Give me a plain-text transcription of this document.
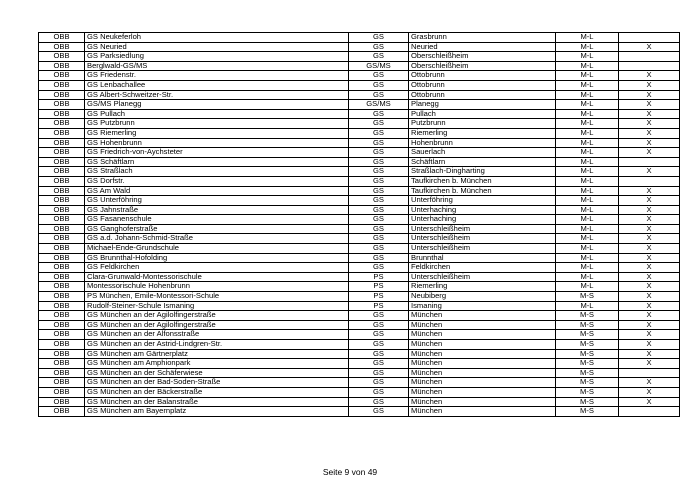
OBB	GS Neukeferloh	GS	Grasbrunn	M-L	
OBB	GS Neuried	GS	Neuried	M-L	X
OBB	GS Parksiedlung	GS	Oberschleißheim	M-L	
OBB	Berglwald-GS/MS	GS/MS	Oberschleißheim	M-L	
OBB	GS Friedenstr.	GS	Ottobrunn	M-L	X
OBB	GS Lenbachallee	GS	Ottobrunn	M-L	X
OBB	GS Albert-Schweitzer-Str.	GS	Ottobrunn	M-L	X
OBB	GS/MS Planegg	GS/MS	Planegg	M-L	X
OBB	GS Pullach	GS	Pullach	M-L	X
OBB	GS Putzbrunn	GS	Putzbrunn	M-L	X
OBB	GS Riemerling	GS	Riemerling	M-L	X
OBB	GS Hohenbrunn	GS	Hohenbrunn	M-L	X
OBB	GS Friedrich-von-Aychsteter	GS	Sauerlach	M-L	X
OBB	GS Schäftlarn	GS	Schäftlarn	M-L	
OBB	GS Straßlach	GS	Straßlach-Dingharting	M-L	X
OBB	GS Dorfstr.	GS	Taufkirchen b. München	M-L	
OBB	GS Am Wald	GS	Taufkirchen b. München	M-L	X
OBB	GS Unterföhring	GS	Unterföhring	M-L	X
OBB	GS Jahnstraße	GS	Unterhaching	M-L	X
OBB	GS Fasanenschule	GS	Unterhaching	M-L	X
OBB	GS Ganghoferstraße	GS	Unterschleißheim	M-L	X
OBB	GS a.d. Johann-Schmid-Straße	GS	Unterschleißheim	M-L	X
OBB	Michael-Ende-Grundschule	GS	Unterschleißheim	M-L	X
OBB	GS Brunnthal-Hofolding	GS	Brunnthal	M-L	X
OBB	GS Feldkirchen	GS	Feldkirchen	M-L	X
OBB	Clara-Grunwald-Montessorischule	PS	Unterschleißheim	M-L	X
OBB	Montessorischule Hohenbrunn	PS	Riemerling	M-L	X
OBB	PS München, Emile-Montessori-Schule	PS	Neubiberg	M-S	X
OBB	Rudolf-Steiner-Schule Ismaning	PS	Ismaning	M-L	X
OBB	GS München an der Agilolfingerstraße	GS	München	M-S	X
OBB	GS München an der Agilolfingerstraße	GS	München	M-S	X
OBB	GS München an der Alfonsstraße	GS	München	M-S	X
OBB	GS München an der Astrid-Lindgren-Str.	GS	München	M-S	X
OBB	GS München am Gärtnerplatz	GS	München	M-S	X
OBB	GS München am Amphionpark	GS	München	M-S	X
OBB	GS München an der Schäferwiese	GS	München	M-S	
OBB	GS München an der Bad-Soden-Straße	GS	München	M-S	X
OBB	GS München an der Bäckerstraße	GS	München	M-S	X
OBB	GS München an der Balanstraße	GS	München	M-S	X
OBB	GS München am Bayernplatz	GS	München	M-S	
Seite 9 von 49
